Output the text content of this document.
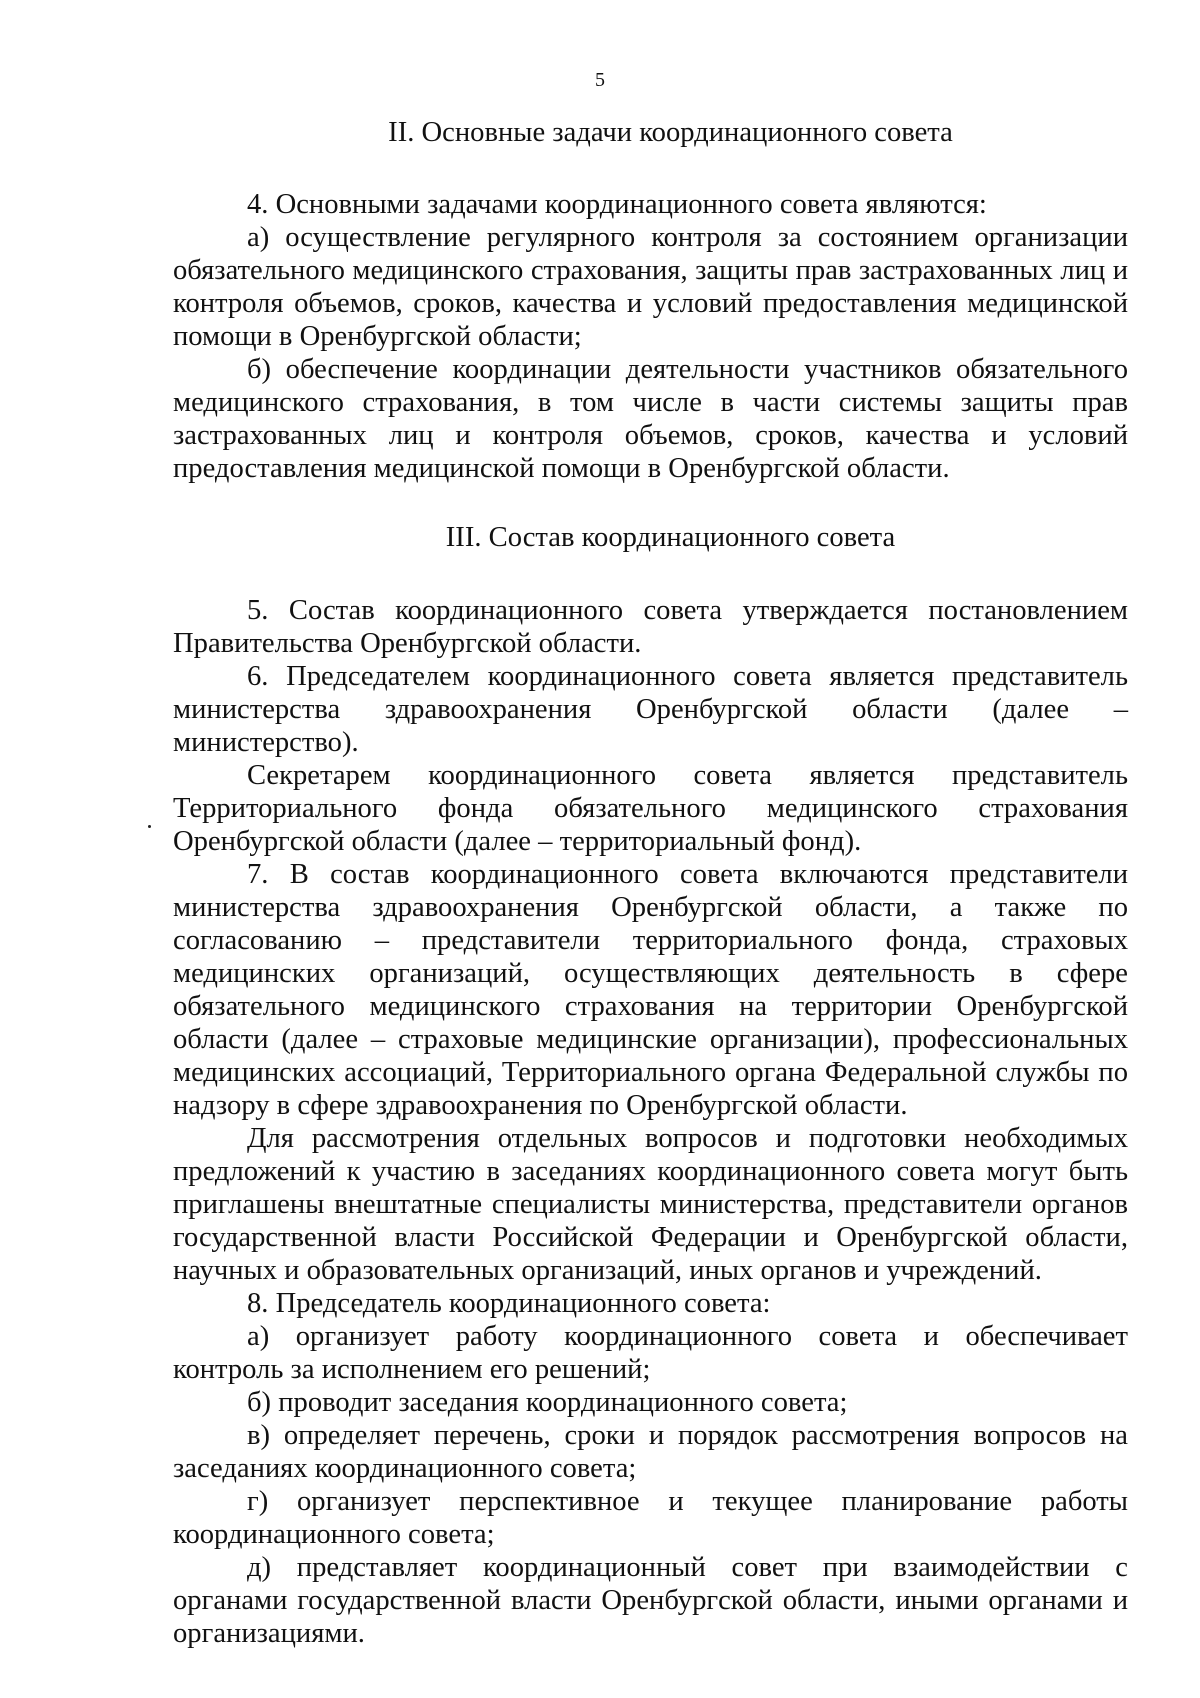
5

II. Основные задачи координационного совета

4. Основными задачами координационного совета являются:

а) осуществление регулярного контроля за состоянием организации обязательного медицинского страхования, защиты прав застрахованных лиц и контроля объемов, сроков, качества и условий предоставления медицинской помощи в Оренбургской области;

б) обеспечение координации деятельности участников обязательного медицинского страхования, в том числе в части системы защиты прав застрахованных лиц и контроля объемов, сроков, качества и условий предоставления медицинской помощи в Оренбургской области.

III. Состав координационного совета

5. Состав координационного совета утверждается постановлением Правительства Оренбургской области.

6. Председателем координационного совета является представитель министерства здравоохранения Оренбургской области (далее – министерство).

Секретарем координационного совета является представитель Территориального фонда обязательного медицинского страхования Оренбургской области (далее – территориальный фонд).

7. В состав координационного совета включаются представители министерства здравоохранения Оренбургской области, а также по согласованию – представители территориального фонда, страховых медицинских организаций, осуществляющих деятельность в сфере обязательного медицинского страхования на территории Оренбургской области (далее – страховые медицинские организации), профессиональных медицинских ассоциаций, Территориального органа Федеральной службы по надзору в сфере здравоохранения по Оренбургской области.

Для рассмотрения отдельных вопросов и подготовки необходимых предложений к участию в заседаниях координационного совета могут быть приглашены внештатные специалисты министерства, представители органов государственной власти Российской Федерации и Оренбургской области, научных и образовательных организаций, иных органов и учреждений.

8. Председатель координационного совета:

а) организует работу координационного совета и обеспечивает контроль за исполнением его решений;

б) проводит заседания координационного совета;

в) определяет перечень, сроки и порядок рассмотрения вопросов на заседаниях координационного совета;

г) организует перспективное и текущее планирование работы координационного совета;

д) представляет координационный совет при взаимодействии с органами государственной власти Оренбургской области, иными органами и организациями.
